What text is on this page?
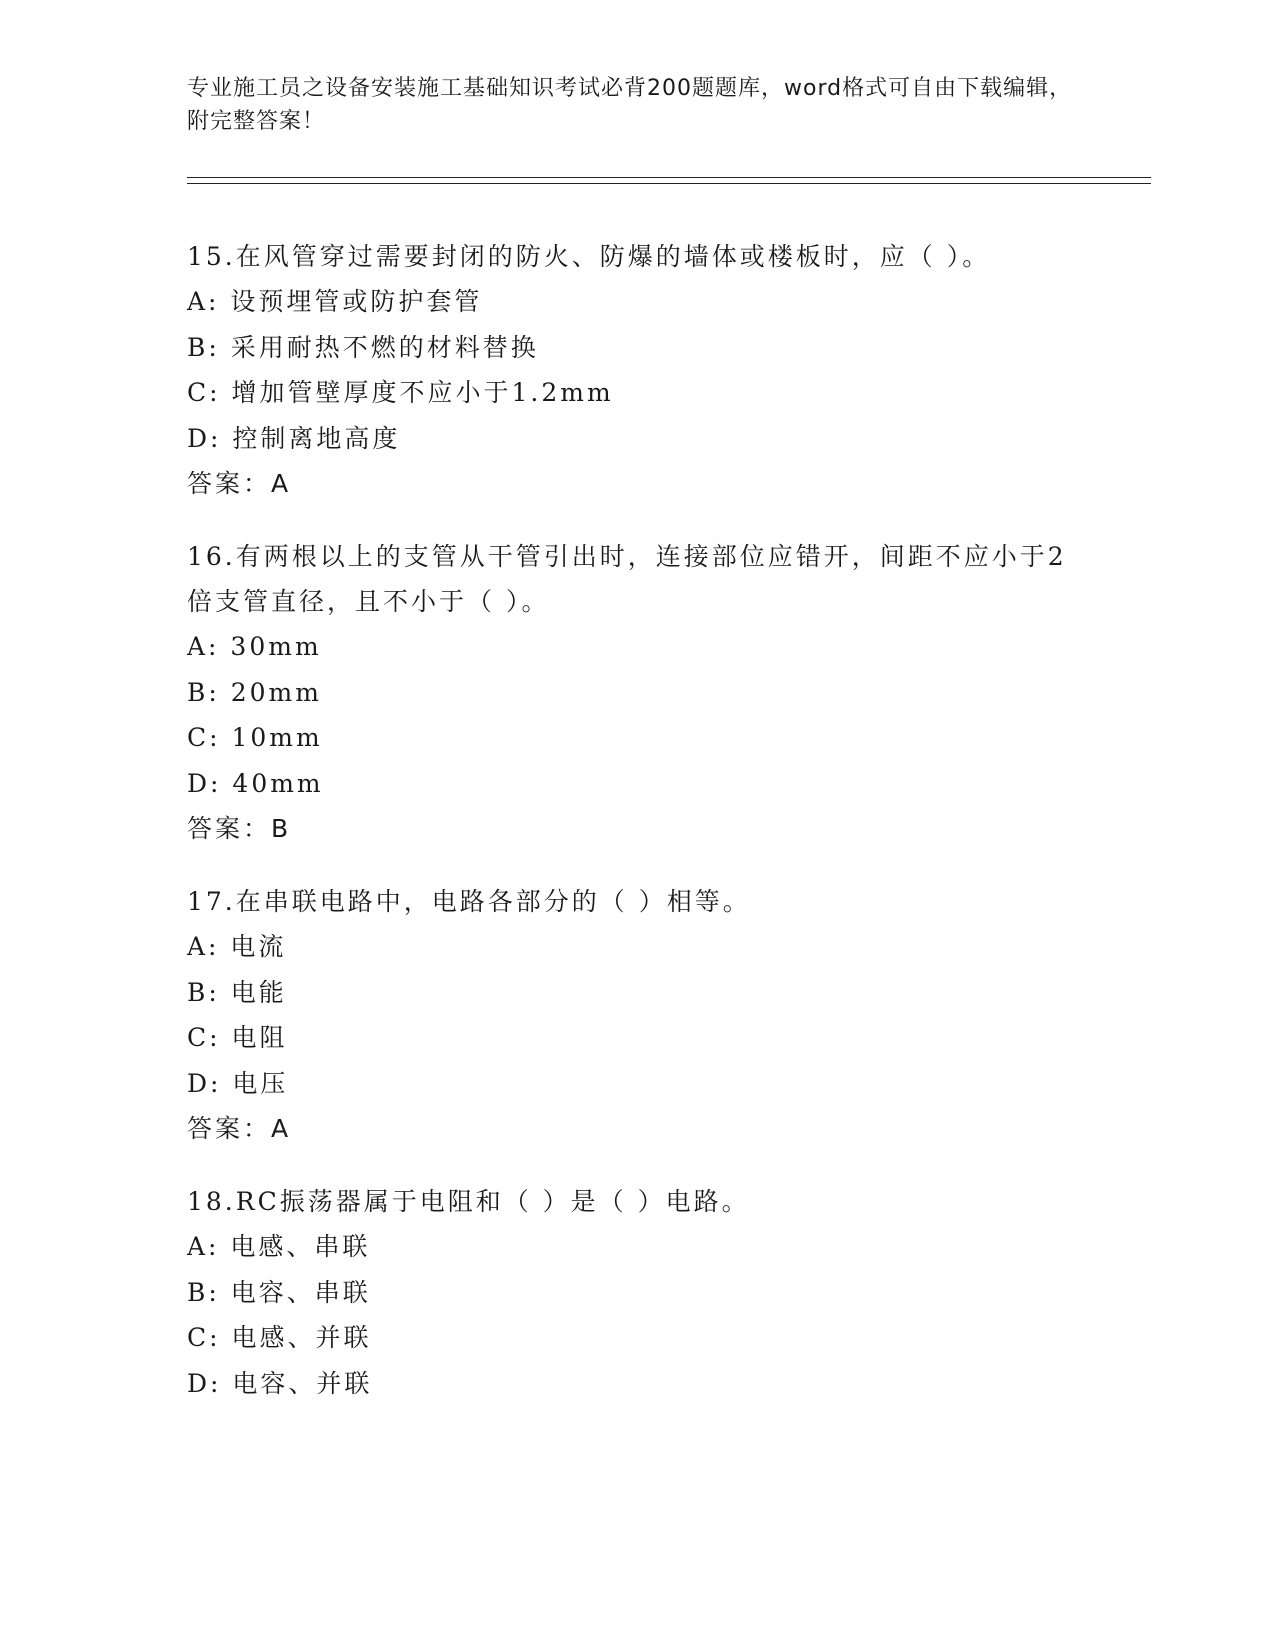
专业施工员之设备安装施工基础知识考试必背200题题库，word格式可自由下载编辑，附完整答案！
15.在风管穿过需要封闭的防火、防爆的墙体或楼板时，应（ ）。
A: 设预埋管或防护套管
B: 采用耐热不燃的材料替换
C: 增加管壁厚度不应小于1.2mm
D: 控制离地高度
答案：A
16.有两根以上的支管从干管引出时，连接部位应错开，间距不应小于2倍支管直径，且不小于（ ）。
A: 30mm
B: 20mm
C: 10mm
D: 40mm
答案：B
17.在串联电路中，电路各部分的（ ）相等。
A: 电流
B: 电能
C: 电阻
D: 电压
答案：A
18.RC振荡器属于电阻和（ ）是（ ）电路。
A: 电感、串联
B: 电容、串联
C: 电感、并联
D: 电容、并联
